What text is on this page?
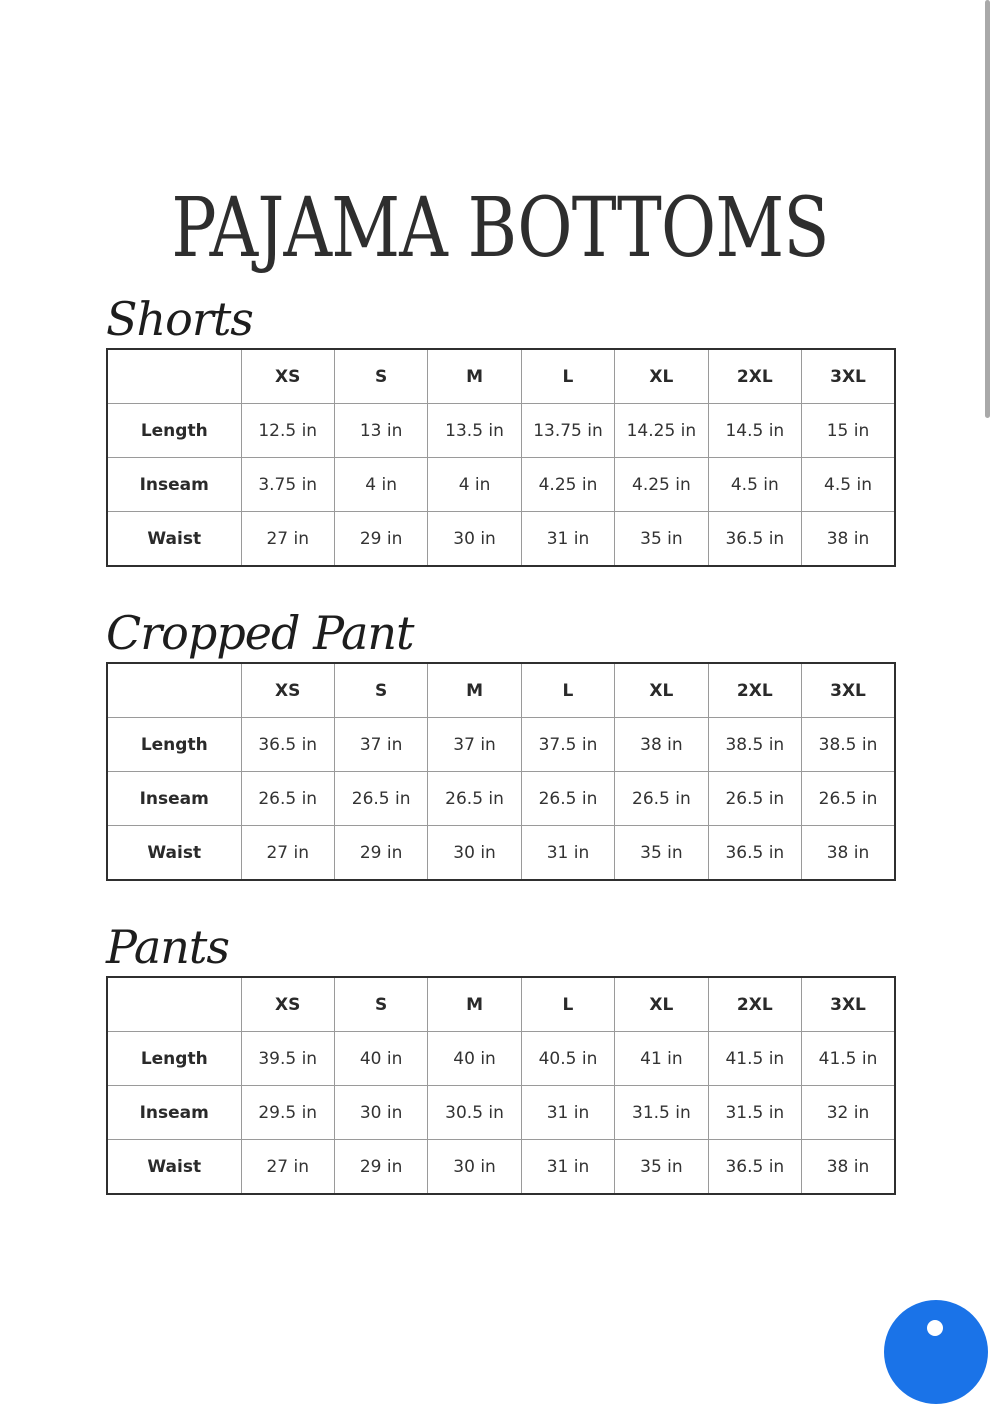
PAJAMA BOTTOMS
Shorts
	XS	S	M	L	XL	2XL	3XL
Length	12.5 in	13 in	13.5 in	13.75 in	14.25 in	14.5 in	15 in
Inseam	3.75 in	4 in	4 in	4.25 in	4.25 in	4.5 in	4.5 in
Waist	27 in	29 in	30 in	31 in	35 in	36.5 in	38 in
Cropped Pant
	XS	S	M	L	XL	2XL	3XL
Length	36.5 in	37 in	37 in	37.5 in	38 in	38.5 in	38.5 in
Inseam	26.5 in	26.5 in	26.5 in	26.5 in	26.5 in	26.5 in	26.5 in
Waist	27 in	29 in	30 in	31 in	35 in	36.5 in	38 in
Pants
	XS	S	M	L	XL	2XL	3XL
Length	39.5 in	40 in	40 in	40.5 in	41 in	41.5 in	41.5 in
Inseam	29.5 in	30 in	30.5 in	31 in	31.5 in	31.5 in	32 in
Waist	27 in	29 in	30 in	31 in	35 in	36.5 in	38 in
